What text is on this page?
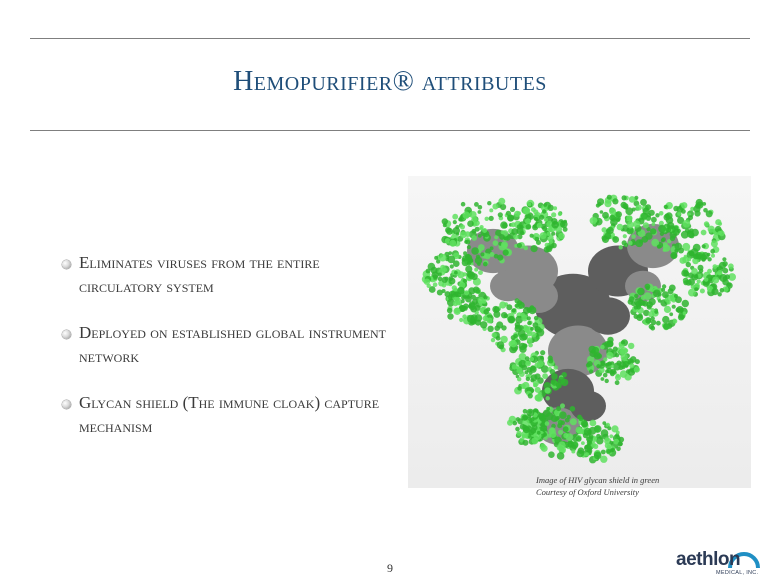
Hemopurifier® attributes
Eliminates viruses from the entire circulatory system
Deployed on established global instrument network
Glycan shield (The immune cloak) capture mechanism
Image of HIV glycan shield in green
Courtesy of Oxford University
9	aethlon
MEDICAL, INC.
